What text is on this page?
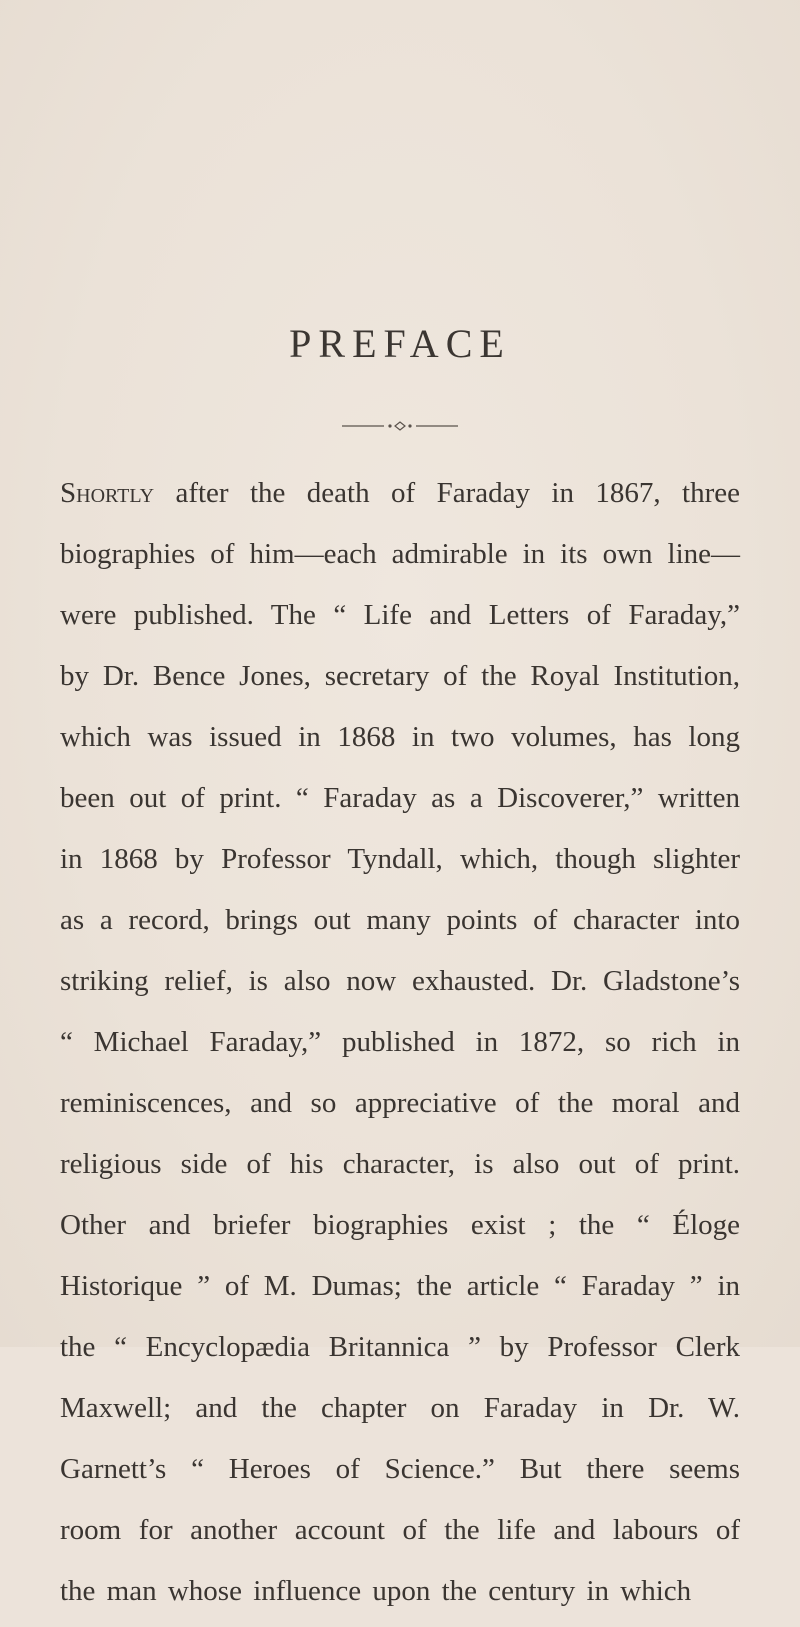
PREFACE
Shortly after the death of Faraday in 1867, three
biographies of him—each admirable in its own line—
were published. The “ Life and Letters of Faraday,”
by Dr. Bence Jones, secretary of the Royal Institution,
which was issued in 1868 in two volumes, has long
been out of print. “ Faraday as a Discoverer,” written
in 1868 by Professor Tyndall, which, though slighter
as a record, brings out many points of character into
striking relief, is also now exhausted. Dr. Gladstone’s
“ Michael Faraday,” published in 1872, so rich in
reminiscences, and so appreciative of the moral and
religious side of his character, is also out of print.
Other and briefer biographies exist ; the “ Éloge
Historique ” of M. Dumas; the article “ Faraday ” in
the “ Encyclopædia Britannica ” by Professor Clerk
Maxwell; and the chapter on Faraday in Dr. W.
Garnett’s “ Heroes of Science.” But there seems
room for another account of the life and labours of
the man whose influence upon the century in which
